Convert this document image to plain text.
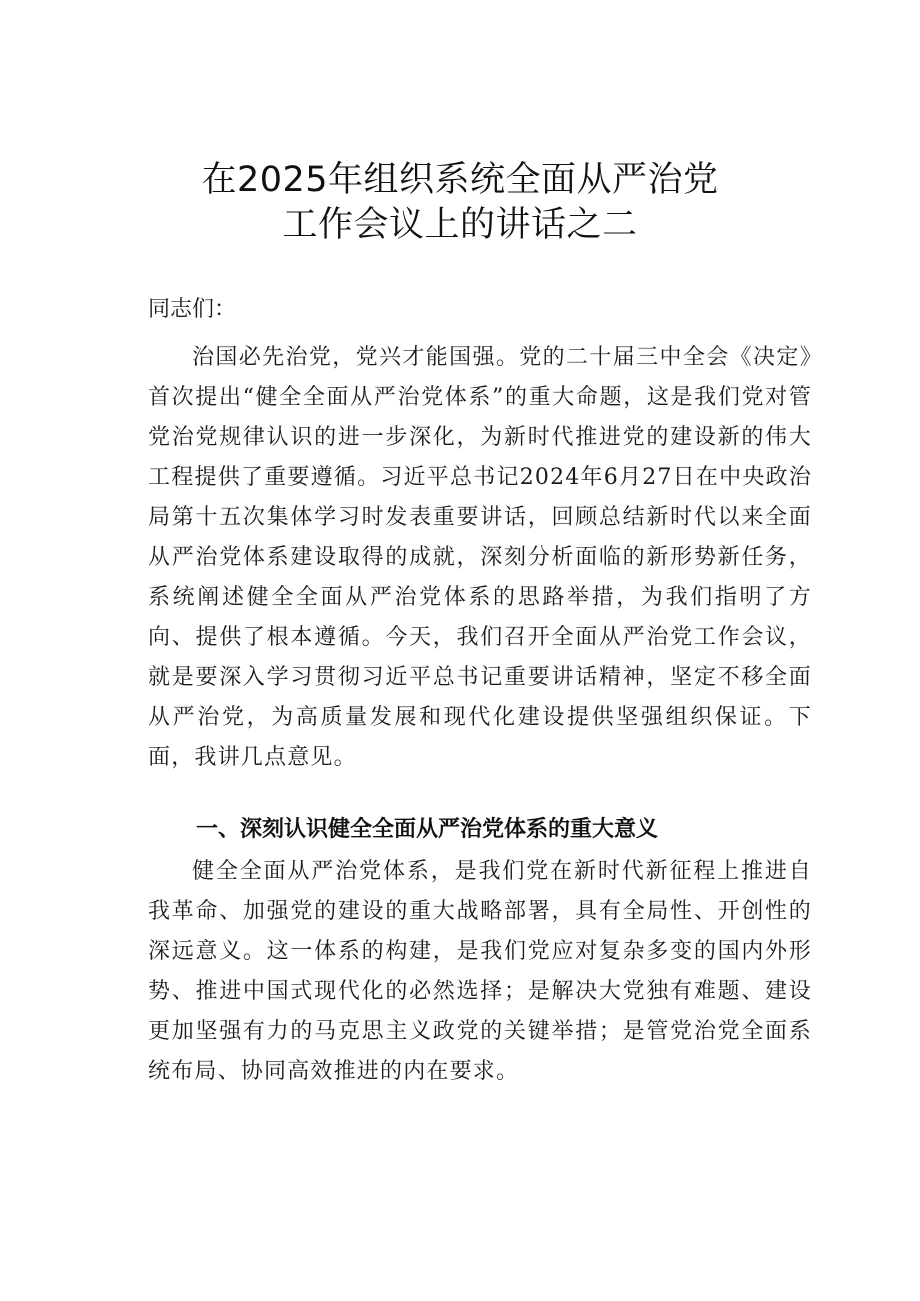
在2025年组织系统全面从严治党
工作会议上的讲话之二
同志们：
治国必先治党，党兴才能国强。党的二十届三中全会《决定》首次提出“健全全面从严治党体系”的重大命题，这是我们党对管党治党规律认识的进一步深化，为新时代推进党的建设新的伟大工程提供了重要遵循。习近平总书记2024年6月27日在中央政治局第十五次集体学习时发表重要讲话，回顾总结新时代以来全面从严治党体系建设取得的成就，深刻分析面临的新形势新任务，系统阐述健全全面从严治党体系的思路举措，为我们指明了方向、提供了根本遵循。今天，我们召开全面从严治党工作会议，就是要深入学习贯彻习近平总书记重要讲话精神，坚定不移全面从严治党，为高质量发展和现代化建设提供坚强组织保证。下面，我讲几点意见。
一、深刻认识健全全面从严治党体系的重大意义
健全全面从严治党体系，是我们党在新时代新征程上推进自我革命、加强党的建设的重大战略部署，具有全局性、开创性的深远意义。这一体系的构建，是我们党应对复杂多变的国内外形势、推进中国式现代化的必然选择；是解决大党独有难题、建设更加坚强有力的马克思主义政党的关键举措；是管党治党全面系统布局、协同高效推进的内在要求。
